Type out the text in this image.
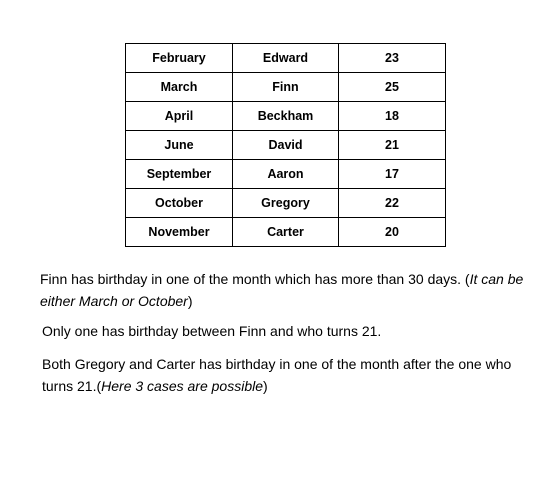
February	Edward	23
March	Finn	25
April	Beckham	18
June	David	21
September	Aaron	17
October	Gregory	22
November	Carter	20

Finn has birthday in one of the month which has more than 30 days. (It can be either March or October)

Only one has birthday between Finn and who turns 21.

Both Gregory and Carter has birthday in one of the month after the one who turns 21.(Here 3 cases are possible)
